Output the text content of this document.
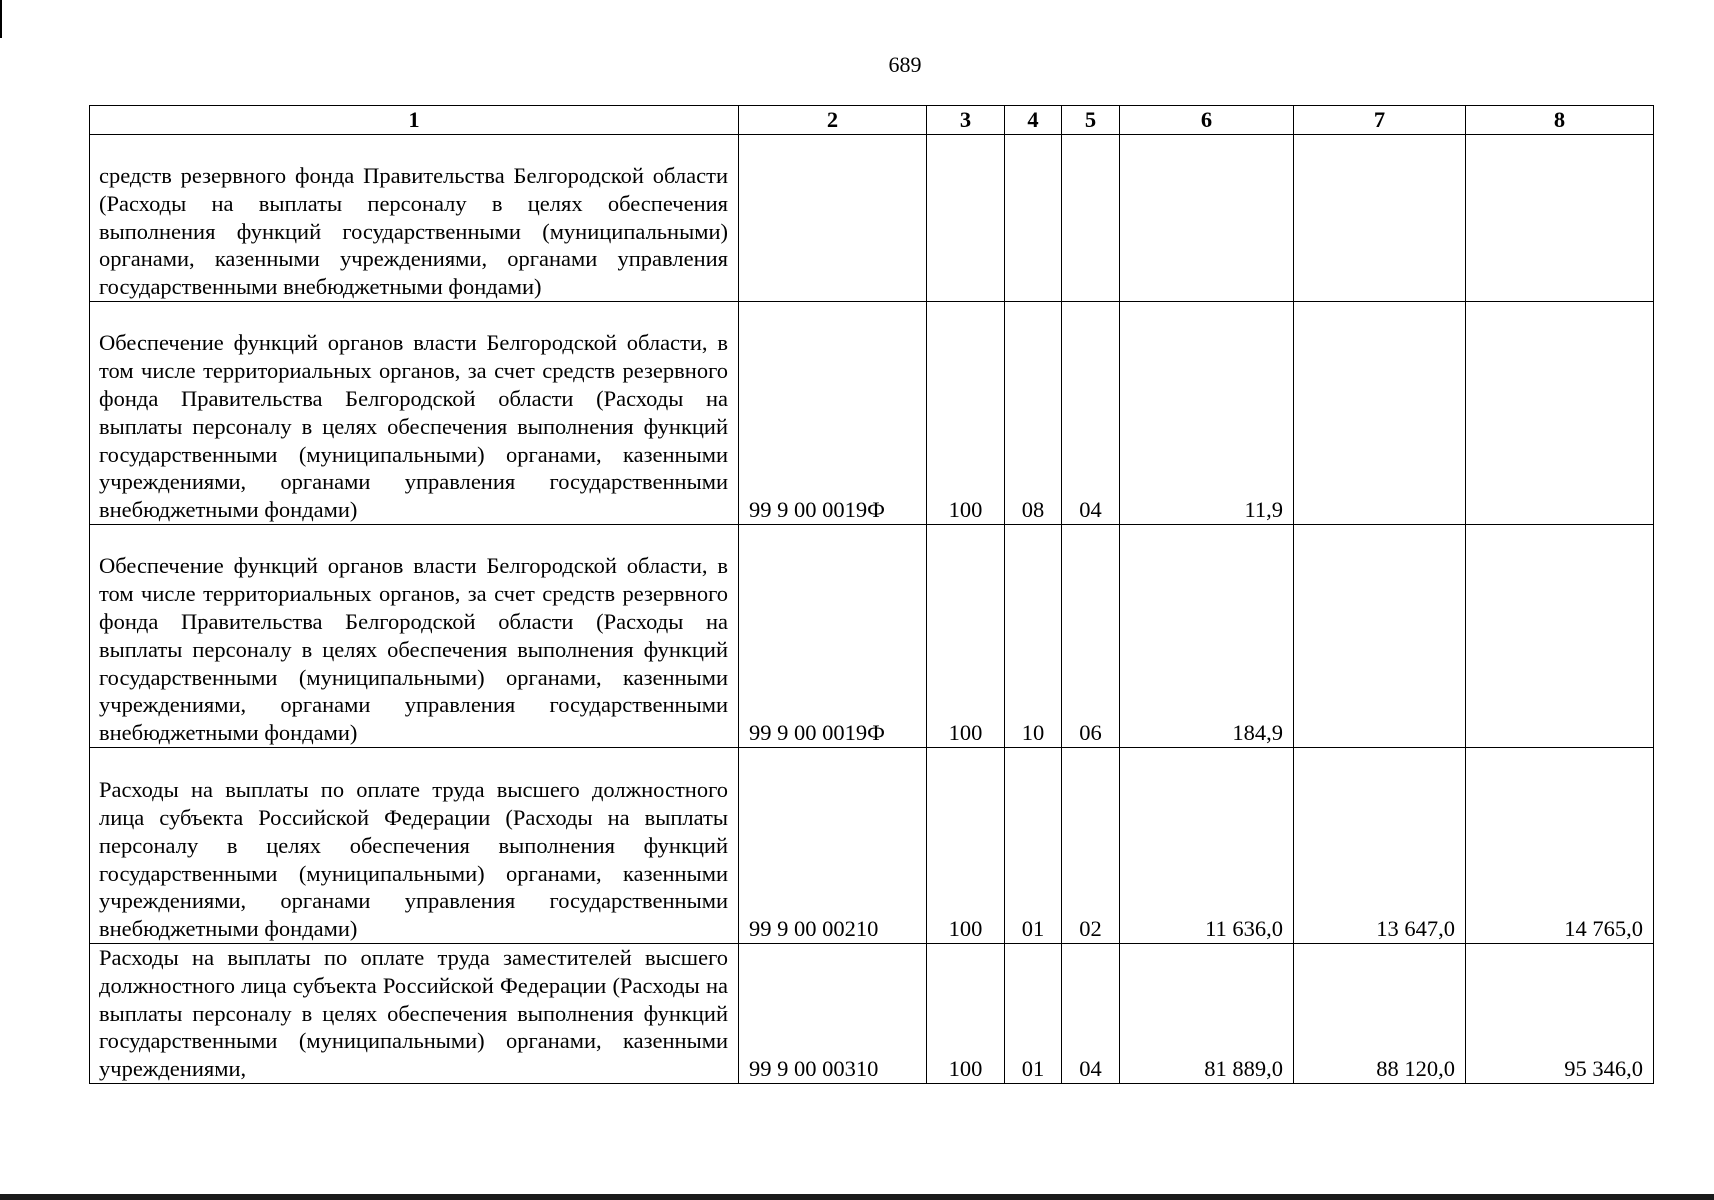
689
1	2	3	4	5	6	7	8
средств резервного фонда Правительства Белгородской области (Расходы на выплаты персоналу в целях обеспечения выполнения функций государственными (муниципальными) органами, казенными учреждениями, органами управления государственными внебюджетными фондами)							
Обеспечение функций органов власти Белгородской области, в том числе территориальных органов, за счет средств резервного фонда Правительства Белгородской области (Расходы на выплаты персоналу в целях обеспечения выполнения функций государственными (муниципальными) органами, казенными учреждениями, органами управления государственными внебюджетными фондами)	99 9 00 0019Ф	100	08	04	11,9		
Обеспечение функций органов власти Белгородской области, в том числе территориальных органов, за счет средств резервного фонда Правительства Белгородской области (Расходы на выплаты персоналу в целях обеспечения выполнения функций государственными (муниципальными) органами, казенными учреждениями, органами управления государственными внебюджетными фондами)	99 9 00 0019Ф	100	10	06	184,9		
Расходы на выплаты по оплате труда высшего должностного лица субъекта Российской Федерации (Расходы на выплаты персоналу в целях обеспечения выполнения функций государственными (муниципальными) органами, казенными учреждениями, органами управления государственными внебюджетными фондами)	99 9 00 00210	100	01	02	11 636,0	13 647,0	14 765,0
Расходы на выплаты по оплате труда заместителей высшего должностного лица субъекта Российской Федерации (Расходы на выплаты персоналу в целях обеспечения выполнения функций государственными (муниципальными) органами, казенными учреждениями,	99 9 00 00310	100	01	04	81 889,0	88 120,0	95 346,0
